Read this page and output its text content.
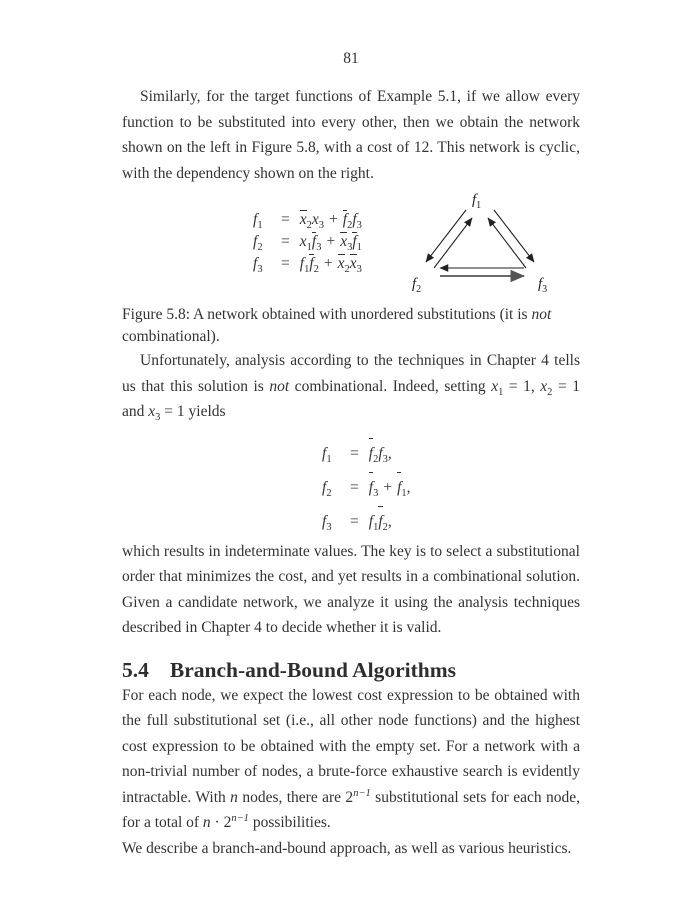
81

Similarly, for the target functions of Example 5.1, if we allow every function to be substituted into every other, then we obtain the network shown on the left in Figure 5.8, with a cost of 12. This network is cyclic, with the dependency shown on the right.

$f_1$	= $x_2x_3 + f_2f_3$
$f_2$	= $x_1f_3 + x_3f_1$
$f_3$	= $f_1f_2 + x_2x_3$
$f_1$
$f_2$	$f_3$
Figure 5.8: A network obtained with unordered substitutions (it is not combinational).

Unfortunately, analysis according to the techniques in Chapter 4 tells us that this solution is not combinational. Indeed, setting $x_1 = 1$, $x_2 = 1$ and $x_3 = 1$ yields

$f_1$	= $f_2f_3$,
$f_2$	= $f_3 + f_1$,
$f_3$	= $f_1f_2$,

which results in indeterminate values. The key is to select a substitutional order that minimizes the cost, and yet results in a combinational solution. Given a candidate network, we analyze it using the analysis techniques described in Chapter 4 to decide whether it is valid.

5.4 Branch-and-Bound Algorithms

For each node, we expect the lowest cost expression to be obtained with the full substitutional set (i.e., all other node functions) and the highest cost expression to be obtained with the empty set. For a network with a non-trivial number of nodes, a brute-force exhaustive search is evidently intractable. With n nodes, there are $2^{n-1}$ substitutional sets for each node, for a total of $n \cdot 2^{n-1}$ possibilities.

We describe a branch-and-bound approach, as well as various heuristics.
